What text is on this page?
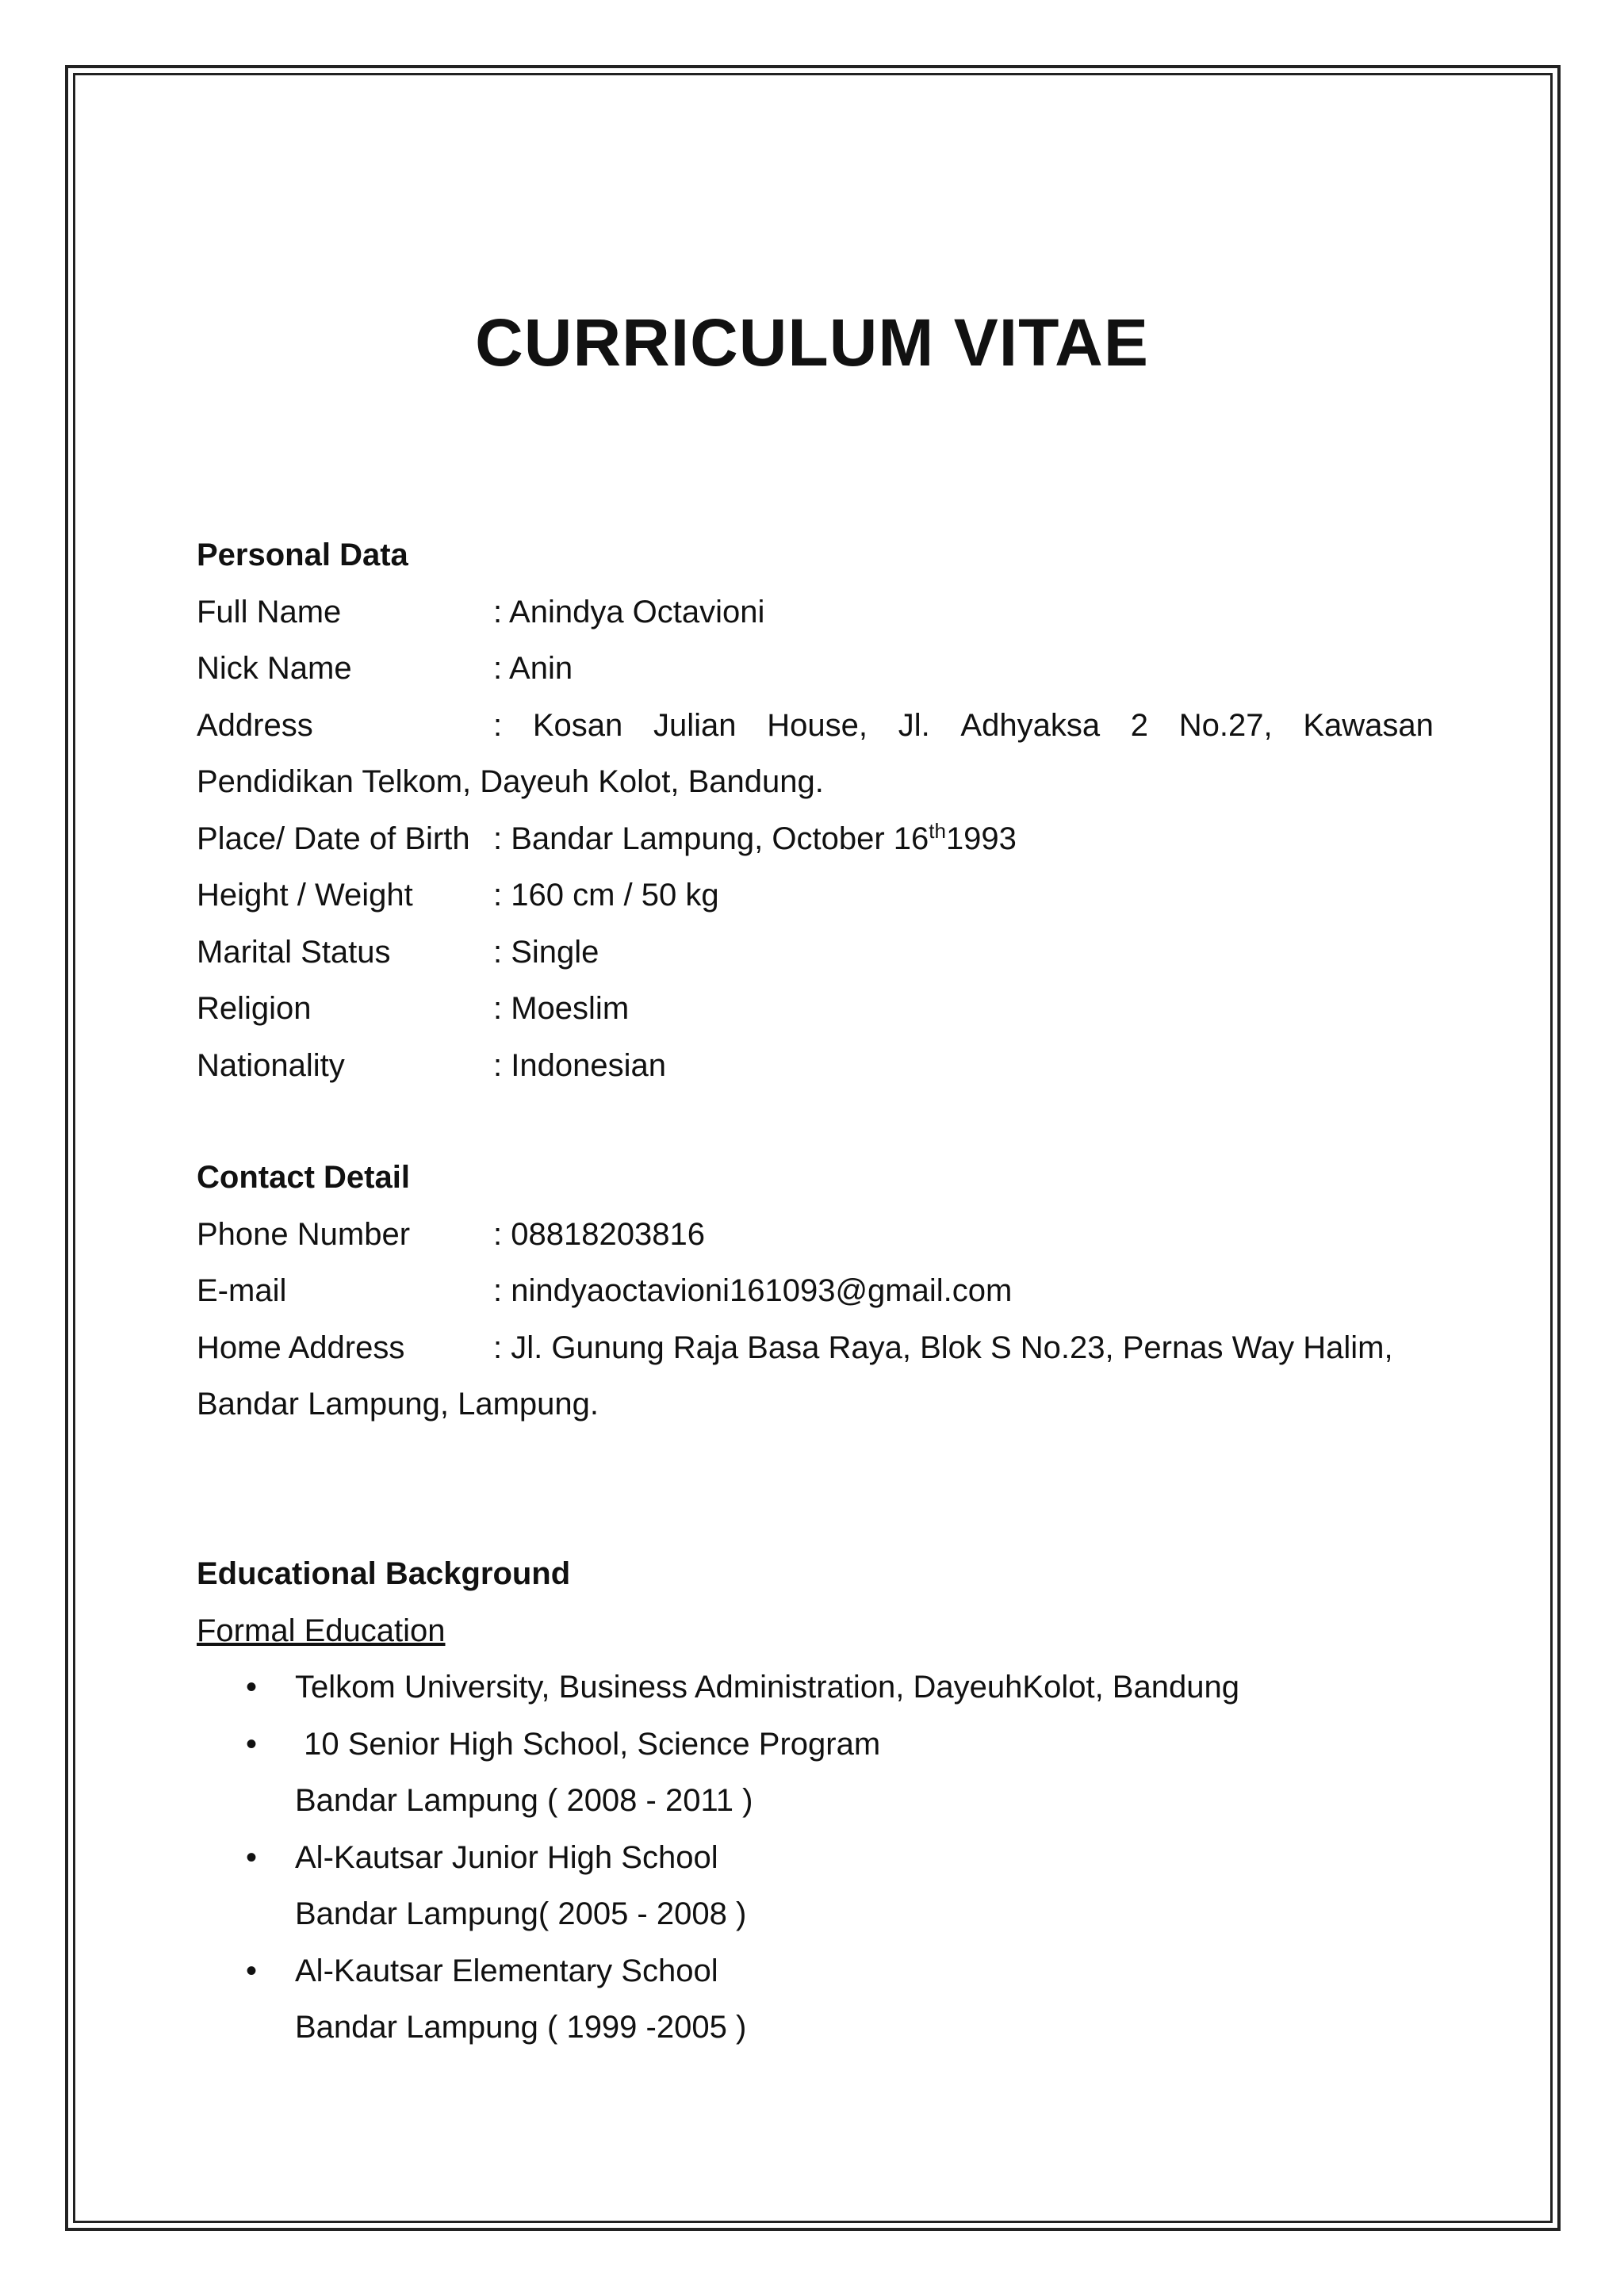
CURRICULUM VITAE
Personal Data
Full Name	: Anindya Octavioni
Nick Name	: Anin
Address	: Kosan Julian House, Jl. Adhyaksa 2 No.27, Kawasan
Pendidikan Telkom, Dayeuh Kolot, Bandung.
Place/ Date of Birth : Bandar Lampung, October 16th1993
Height / Weight	: 160 cm / 50 kg
Marital Status	: Single
Religion	: Moeslim
Nationality	: Indonesian
Contact Detail
Phone Number	: 08818203816
E-mail	: nindyaoctavioni161093@gmail.com
Home Address	: Jl. Gunung Raja Basa Raya, Blok S No.23, Pernas Way Halim,
Bandar Lampung, Lampung.
Educational Background
Formal Education
• Telkom University, Business Administration, DayeuhKolot, Bandung
• 10 Senior High School, Science Program
Bandar Lampung ( 2008 - 2011 )
• Al-Kautsar Junior High School
Bandar Lampung( 2005 - 2008 )
• Al-Kautsar Elementary School
Bandar Lampung ( 1999 -2005 )
